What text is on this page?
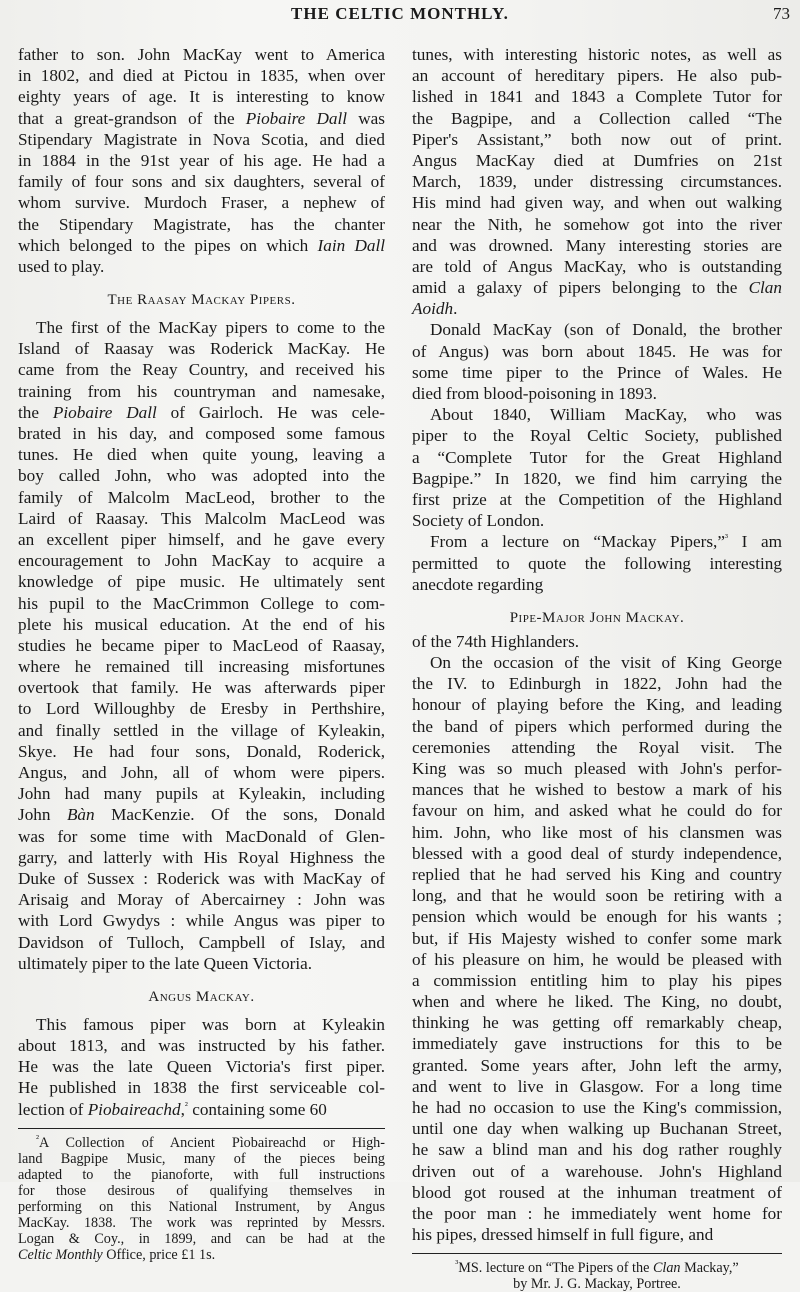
THE CELTIC MONTHLY.	73
father to son. John MacKay went to America
in 1802, and died at Pictou in 1835, when over
eighty years of age. It is interesting to know
that a great-grandson of the Piobaire Dall was
Stipendary Magistrate in Nova Scotia, and died
in 1884 in the 91st year of his age. He had a
family of four sons and six daughters, several of
whom survive. Murdoch Fraser, a nephew of
the Stipendary Magistrate, has the chanter
which belonged to the pipes on which Iain Dall
used to play.
The Raasay Mackay Pipers.
The first of the MacKay pipers to come to the
Island of Raasay was Roderick MacKay. He
came from the Reay Country, and received his
training from his countryman and namesake,
the Piobaire Dall of Gairloch. He was cele-
brated in his day, and composed some famous
tunes. He died when quite young, leaving a
boy called John, who was adopted into the
family of Malcolm MacLeod, brother to the
Laird of Raasay. This Malcolm MacLeod was
an excellent piper himself, and he gave every
encouragement to John MacKay to acquire a
knowledge of pipe music. He ultimately sent
his pupil to the MacCrimmon College to com-
plete his musical education. At the end of his
studies he became piper to MacLeod of Raasay,
where he remained till increasing misfortunes
overtook that family. He was afterwards piper
to Lord Willoughby de Eresby in Perthshire,
and finally settled in the village of Kyleakin,
Skye. He had four sons, Donald, Roderick,
Angus, and John, all of whom were pipers.
John had many pupils at Kyleakin, including
John Bàn MacKenzie. Of the sons, Donald
was for some time with MacDonald of Glen-
garry, and latterly with His Royal Highness the
Duke of Sussex : Roderick was with MacKay of
Arisaig and Moray of Abercairney : John was
with Lord Gwydys : while Angus was piper to
Davidson of Tulloch, Campbell of Islay, and
ultimately piper to the late Queen Victoria.
Angus Mackay.
This famous piper was born at Kyleakin
about 1813, and was instructed by his father.
He was the late Queen Victoria's first piper.
He published in 1838 the first serviceable col-
lection of Piobaireachd,$^{^2}$ containing some 60
$^{^2}$A Collection of Ancient Pìobaireachd or High-
land Bagpipe Music, many of the pieces being
adapted to the pianoforte, with full instructions
for those desirous of qualifying themselves in
performing on this National Instrument, by Angus
MacKay. 1838. The work was reprinted by Messrs.
Logan & Coy., in 1899, and can be had at the
Celtic Monthly Office, price £1 1s.
tunes, with interesting historic notes, as well as
an account of hereditary pipers. He also pub-
lished in 1841 and 1843 a Complete Tutor for
the Bagpipe, and a Collection called “The
Piper's Assistant,” both now out of print.
Angus MacKay died at Dumfries on 21st
March, 1839, under distressing circumstances.
His mind had given way, and when out walking
near the Nith, he somehow got into the river
and was drowned. Many interesting stories are
are told of Angus MacKay, who is outstanding
amid a galaxy of pipers belonging to the Clan
Aoidh.
Donald MacKay (son of Donald, the brother
of Angus) was born about 1845. He was for
some time piper to the Prince of Wales. He
died from blood-poisoning in 1893.
About 1840, William MacKay, who was
piper to the Royal Celtic Society, published
a “Complete Tutor for the Great Highland
Bagpipe.” In 1820, we find him carrying the
first prize at the Competition of the Highland
Society of London.
From a lecture on “Mackay Pipers,”$^{^3}$ I am
permitted to quote the following interesting
anecdote regarding
Pipe-Major John Mackay.
of the 74th Highlanders.
On the occasion of the visit of King George
the IV. to Edinburgh in 1822, John had the
honour of playing before the King, and leading
the band of pipers which performed during the
ceremonies attending the Royal visit. The
King was so much pleased with John's perfor-
mances that he wished to bestow a mark of his
favour on him, and asked what he could do for
him. John, who like most of his clansmen was
blessed with a good deal of sturdy independence,
replied that he had served his King and country
long, and that he would soon be retiring with a
pension which would be enough for his wants ;
but, if His Majesty wished to confer some mark
of his pleasure on him, he would be pleased with
a commission entitling him to play his pipes
when and where he liked. The King, no doubt,
thinking he was getting off remarkably cheap,
immediately gave instructions for this to be
granted. Some years after, John left the army,
and went to live in Glasgow. For a long time
he had no occasion to use the King's commission,
until one day when walking up Buchanan Street,
he saw a blind man and his dog rather roughly
driven out of a warehouse. John's Highland
blood got roused at the inhuman treatment of
the poor man : he immediately went home for
his pipes, dressed himself in full figure, and
$^{^3}$MS. lecture on “The Pipers of the Clan Mackay,”
by Mr. J. G. Mackay, Portree.
